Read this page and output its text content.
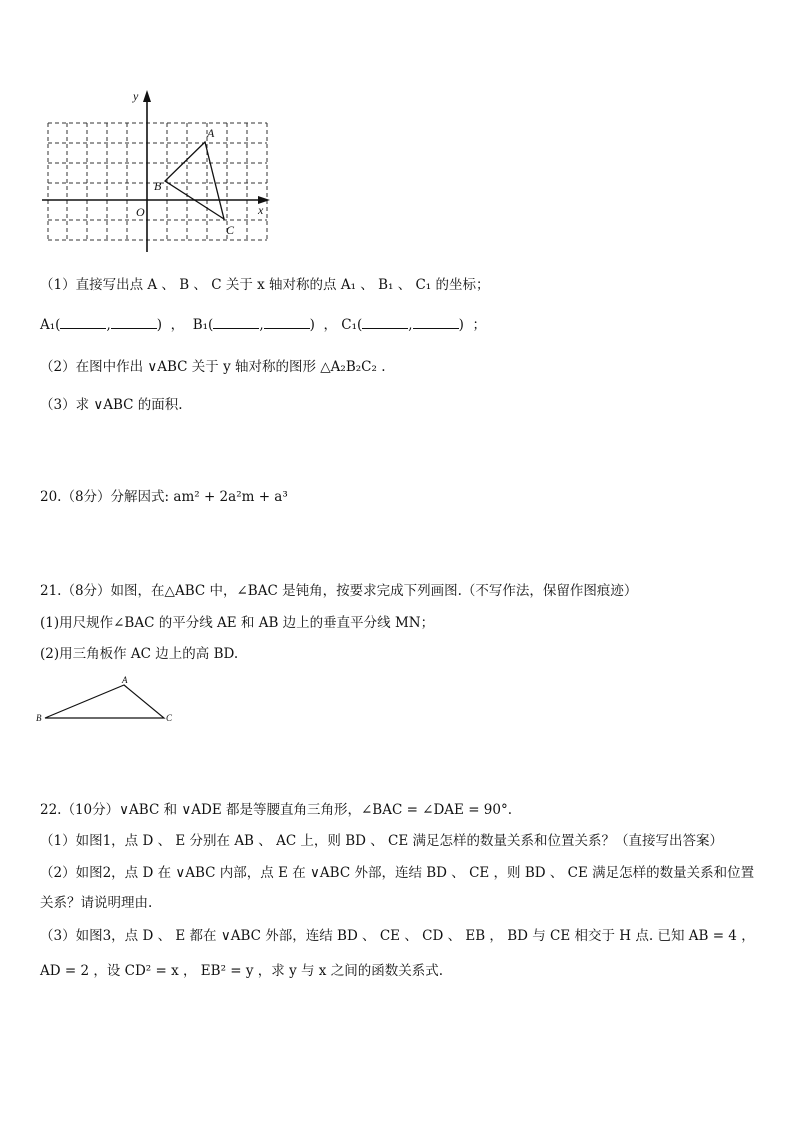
y
x
O
A
B
C
（1）直接写出点 A 、 B 、 C 关于 x 轴对称的点 A₁ 、 B₁ 、 C₁ 的坐标；
A₁(	,	) ， B₁(	,	) ， C₁(	,	) ；
（2）在图中作出 ∨ABC 关于 y 轴对称的图形 △A₂B₂C₂ .
（3）求 ∨ABC 的面积.
20.（8分）分解因式: am² + 2a²m + a³
21.（8分）如图，在△ABC 中，∠BAC 是钝角，按要求完成下列画图.（不写作法，保留作图痕迹）
(1)用尺规作∠BAC 的平分线 AE 和 AB 边上的垂直平分线 MN；
(2)用三角板作 AC 边上的高 BD.
A
B	C
22.（10分）∨ABC 和 ∨ADE 都是等腰直角三角形，∠BAC = ∠DAE = 90°.
（1）如图1，点 D 、 E 分别在 AB 、 AC 上，则 BD 、 CE 满足怎样的数量关系和位置关系？（直接写出答案）
（2）如图2，点 D 在 ∨ABC 内部，点 E 在 ∨ABC 外部，连结 BD 、 CE ，则 BD 、 CE 满足怎样的数量关系和位置
关系？请说明理由.
（3）如图3，点 D 、 E 都在 ∨ABC 外部，连结 BD 、 CE 、 CD 、 EB ， BD 与 CE 相交于 H 点. 已知 AB = 4 ，
AD = 2 ，设 CD² = x ， EB² = y ，求 y 与 x 之间的函数关系式.
